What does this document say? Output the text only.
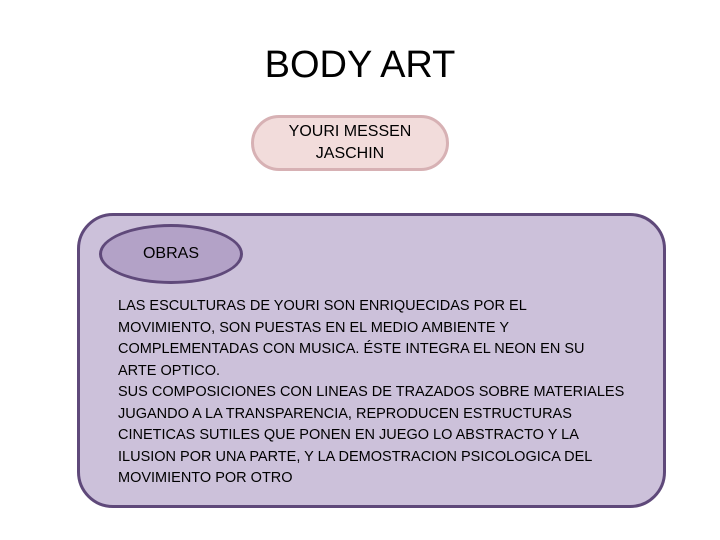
BODY ART
YOURI MESSEN
JASCHIN
OBRAS

LAS ESCULTURAS DE YOURI SON ENRIQUECIDAS POR EL
MOVIMIENTO, SON PUESTAS EN EL MEDIO AMBIENTE Y
COMPLEMENTADAS CON MUSICA. ÉSTE INTEGRA EL NEON EN SU
ARTE OPTICO.

SUS COMPOSICIONES CON LINEAS DE TRAZADOS SOBRE MATERIALES
JUGANDO A LA TRANSPARENCIA, REPRODUCEN ESTRUCTURAS
CINETICAS SUTILES QUE PONEN EN JUEGO LO ABSTRACTO Y LA
ILUSION POR UNA PARTE, Y LA DEMOSTRACION PSICOLOGICA DEL
MOVIMIENTO POR OTRO
